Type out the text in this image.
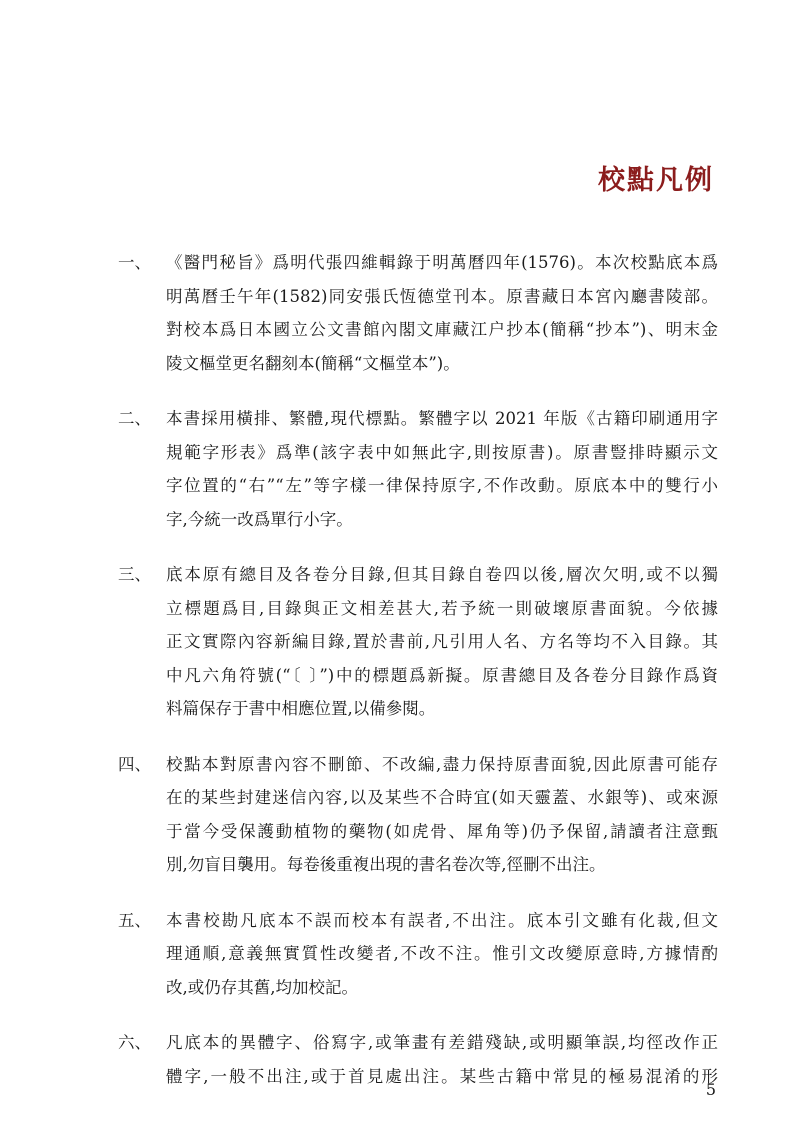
校點凡例
一、 《醫門秘旨》爲明代張四維輯錄于明萬曆四年(1576)。本次校點底本爲
明萬曆壬午年(1582)同安張氏恆德堂刊本。原書藏日本宮內廳書陵部。
對校本爲日本國立公文書館內閣文庫藏江户抄本(簡稱“抄本”)、明末金
陵文樞堂更名翻刻本(簡稱“文樞堂本”)。
二、 本書採用橫排、繁體,現代標點。繁體字以 2021 年版《古籍印刷通用字
規範字形表》爲準(該字表中如無此字,則按原書)。原書豎排時顯示文
字位置的“右”“左”等字樣一律保持原字,不作改動。原底本中的雙行小
字,今統一改爲單行小字。
三、 底本原有總目及各卷分目錄,但其目錄自卷四以後,層次欠明,或不以獨
立標題爲目,目錄與正文相差甚大,若予統一則破壞原書面貌。今依據
正文實際內容新編目錄,置於書前,凡引用人名、方名等均不入目錄。其
中凡六角符號(“〔 〕”)中的標題爲新擬。原書總目及各卷分目錄作爲資
料篇保存于書中相應位置,以備參閱。
四、 校點本對原書內容不刪節、不改編,盡力保持原書面貌,因此原書可能存
在的某些封建迷信內容,以及某些不合時宜(如天靈蓋、水銀等)、或來源
于當今受保護動植物的藥物(如虎骨、犀角等)仍予保留,請讀者注意甄
別,勿盲目襲用。每卷後重複出現的書名卷次等,徑刪不出注。
五、 本書校勘凡底本不誤而校本有誤者,不出注。底本引文雖有化裁,但文
理通順,意義無實質性改變者,不改不注。惟引文改變原意時,方據情酌
改,或仍存其舊,均加校記。
六、 凡底本的異體字、俗寫字,或筆畫有差錯殘缺,或明顯筆誤,均徑改作正
體字,一般不出注,或于首見處出注。某些古籍中常見的極易混淆的形
5
